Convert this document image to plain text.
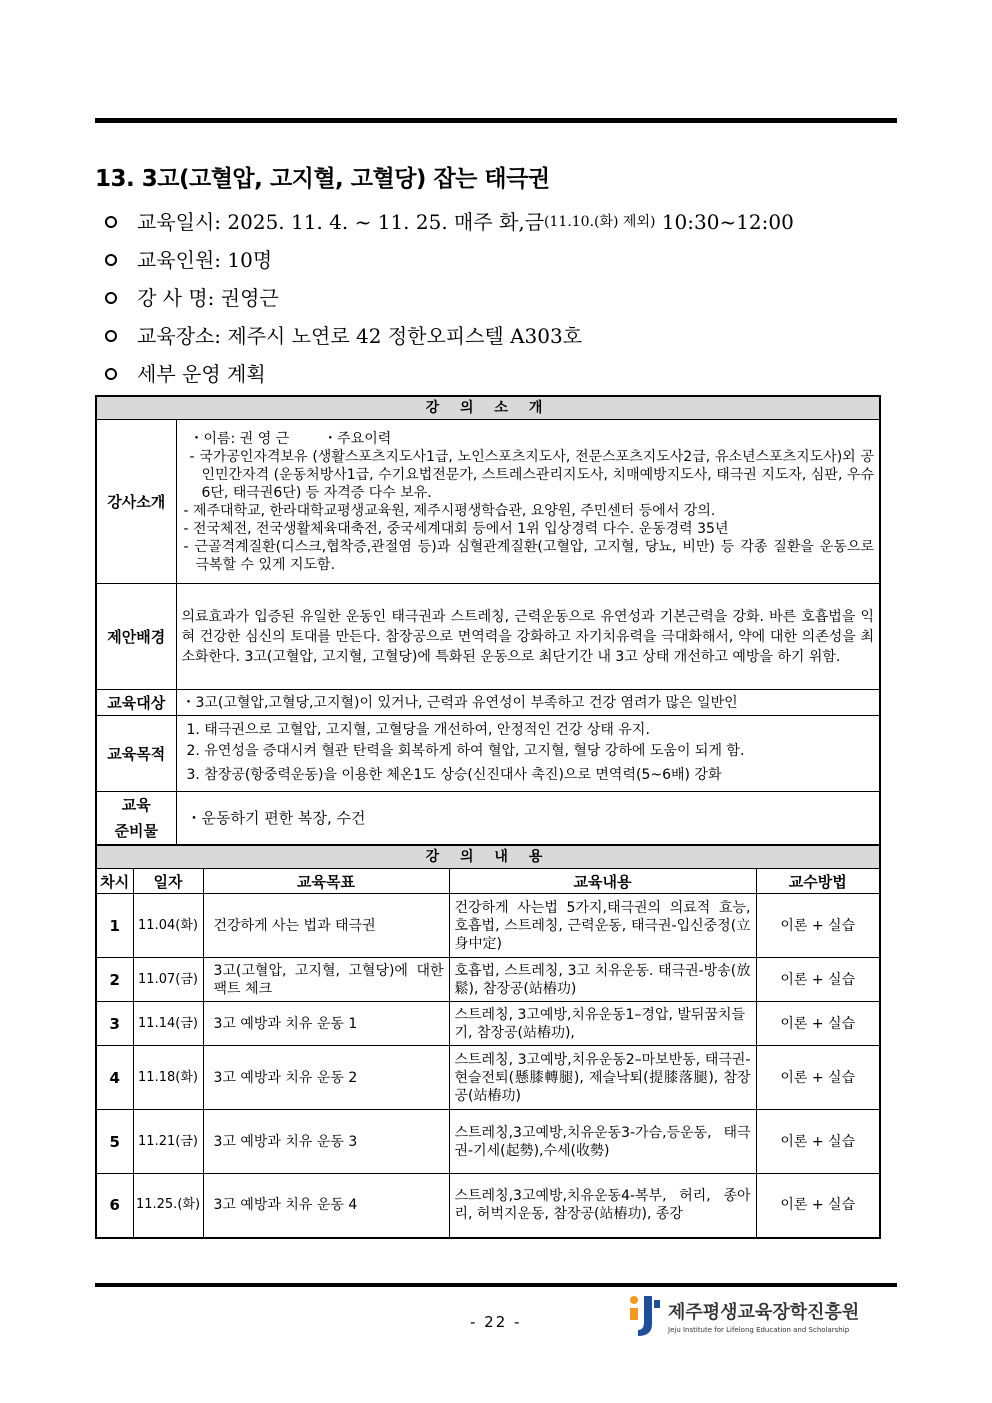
13. 3고(고혈압, 고지혈, 고혈당) 잡는 태극권
교육일시:
2025. 11. 4. ~ 11. 25. 매주 화,금 (11.10.(화) 제외)
10:30~12:00
교육인원:
10명
강 사 명:
권영근
교육장소:
제주시 노연로 42 정한오피스텔 A303호
세부 운영 계획
강 의 소 개	
강사소개	・이름: 권 영 근 ・주요이력
- 국가공인자격보유 (생활스포츠지도사1급, 노인스포츠지도사, 전문스포츠지도사2급, 유소년스포츠지도사)외 공인민간자격 (운동처방사1급, 수기요법전문가, 스트레스관리지도사, 치매예방지도사, 태극권 지도자, 심판, 우슈6단, 태극권6단) 등 자격증 다수 보유.
- 제주대학교, 한라대학교평생교육원, 제주시평생학습관, 요양원, 주민센터 등에서 강의.
- 전국체전, 전국생활체육대축전, 중국세계대회 등에서 1위 입상경력 다수. 운동경력 35년
- 근골격계질환(디스크,협착증,관절염 등)과 심혈관계질환(고혈압, 고지혈, 당뇨, 비만) 등 각종 질환을 운동으로 극복할 수 있게 지도함.

제안배경	의료효과가 입증된 유일한 운동인 태극권과 스트레칭, 근력운동으로 유연성과 기본근력을 강화. 바른 호흡법을 익혀 건강한 심신의 토대를 만든다. 참장공으로 면역력을 강화하고 자기치유력을 극대화해서, 약에 대한 의존성을 최소화한다. 3고(고혈압, 고지혈, 고혈당)에 특화된 운동으로 최단기간 내 3고 상태 개선하고 예방을 하기 위함.
교육대상	・3고(고혈압,고혈당,고지혈)이 있거나, 근력과 유연성이 부족하고 건강 염려가 많은 일반인
교육목적	1. 태극권으로 고혈압, 고지혈, 고혈당을 개선하여, 안정적인 건강 상태 유지.
2. 유연성을 증대시켜 혈관 탄력을 회복하게 하여 혈압, 고지혈, 혈당 강하에 도움이 되게 함.
3. 참장공(항중력운동)을 이용한 체온1도 상승(신진대사 촉진)으로 면역력(5~6배) 강화

교육
준비물	・운동하기 편한 복장, 수건
강 의 내 용				
차시	일자	교육목표	교육내용	교수방법
1	11.04(화)	건강하게 사는 법과 태극권	건강하게 사는법 5가지,태극권의 의료적 효능, 호흡법, 스트레칭, 근력운동, 태극권-입신중정(立身中定)	이론 + 실습
2	11.07(금)	3고(고혈압, 고지혈, 고혈당)에 대한 팩트 체크	호흡법, 스트레칭, 3고 치유운동. 태극권-방송(放鬆), 참장공(站樁功)	이론 + 실습
3	11.14(금)	3고 예방과 치유 운동 1	스트레칭, 3고예방,치유운동1–경압, 발뒤꿈치들기, 참장공(站樁功),	이론 + 실습
4	11.18(화)	3고 예방과 치유 운동 2	스트레칭, 3고예방,치유운동2–마보반동, 태극권-현슬전퇴(懸膝轉腿), 제슬낙퇴(提膝落腿), 참장공(站樁功)	이론 + 실습
5	11.21(금)	3고 예방과 치유 운동 3	스트레칭,3고예방,치유운동3-가슴,등운동, 태극권-기세(起勢),수세(收勢)	이론 + 실습
6	11.25.(화)	3고 예방과 치유 운동 4	스트레칭,3고예방,치유운동4-복부, 허리, 종아리, 허벅지운동, 참장공(站樁功), 종강	이론 + 실습
- 22 -	제주평생교육장학진흥원
Jeju Institute for Lifelong Education and Scholarship
